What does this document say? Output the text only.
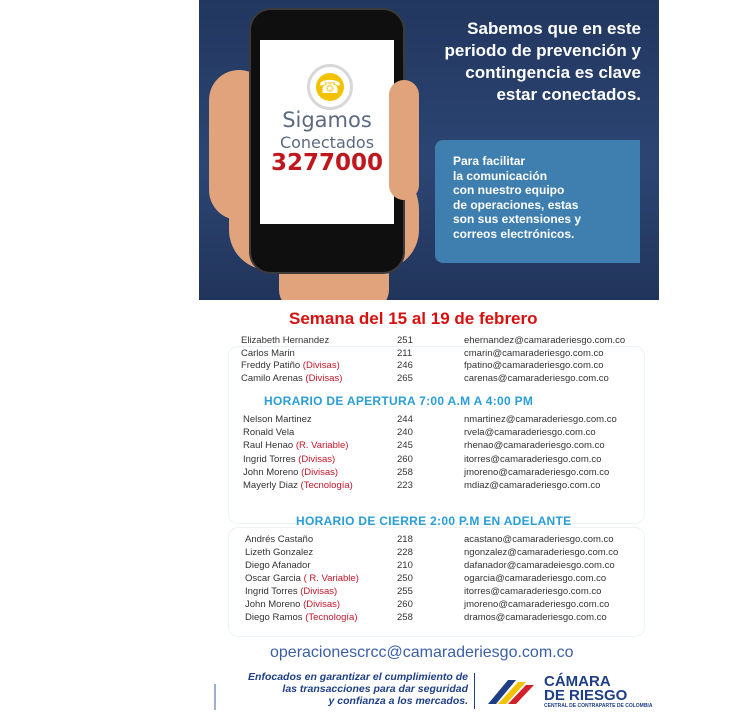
☎
Sigamos
Conectados
3277000
Sabemos que en este
periodo de prevención y
contingencia es clave
estar conectados.
Para facilitar
la comunicación
con nuestro equipo
de operaciones, estas
son sus extensiones y
correos electrónicos.
Semana del 15 al 19 de febrero
Elizabeth Hernandez	251	ehernandez@camaraderiesgo.com.co
Carlos Marin	211	cmarin@camaraderiesgo.com.co
Freddy Patiño (Divisas)	246	fpatino@camaraderiesgo.com.co
Camilo Arenas (Divisas)	265	carenas@camaraderiesgo.com.co
HORARIO DE APERTURA 7:00 A.M A 4:00 PM
Nelson Martinez	244	nmartinez@camaraderiesgo.com.co
Ronald Vela	240	rvela@camaraderiesgo.com.co
Raul Henao (R. Variable)	245	rhenao@camaraderiesgo.com.co
Ingrid Torres (Divisas)	260	itorres@camaraderiesgo.com.co
John Moreno (Divisas)	258	jmoreno@camaraderiesgo.com.co
Mayerly Diaz (Tecnología)	223	mdiaz@camaraderiesgo.com.co
HORARIO DE CIERRE 2:00 P.M EN ADELANTE
Andrés Castaño	218	acastano@camaraderiesgo.com.co
Lizeth Gonzalez	228	ngonzalez@camaraderiesgo.com.co
Diego Afanador	210	dafanador@camaradeiesgo.com.co
Oscar Garcia ( R. Variable)	250	ogarcia@camaraderiesgo.com.co
Ingrid Torres (Divisas)	255	itorres@camaraderiesgo.com.co
John Moreno (Divisas)	260	jmoreno@camaraderiesgo.com.co
Diego Ramos (Tecnología)	258	dramos@camaraderiesgo.com.co
operacionescrcc@camaraderiesgo.com.co
Enfocados en garantizar el cumplimiento de
las transacciones para dar seguridad
y confianza a los mercados.
CÁMARA
DE RIESGO
CENTRAL DE CONTRAPARTE DE COLOMBIA
